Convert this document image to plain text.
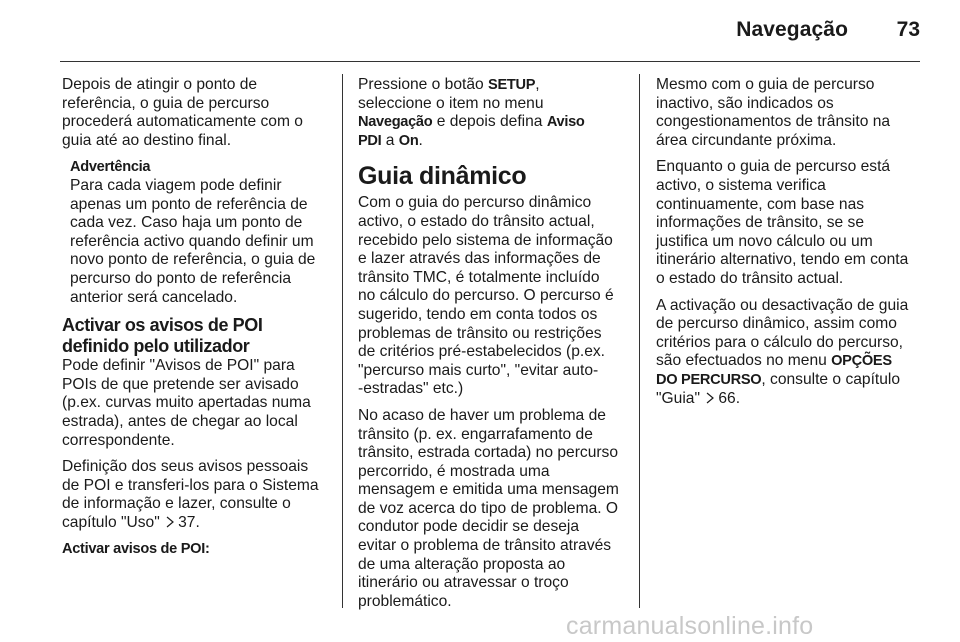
Navegação 73
Depois de atingir o ponto de
referência, o guia de percurso
procederá automaticamente com o
guia até ao destino final.
Advertência
Para cada viagem pode definir
apenas um ponto de referência de
cada vez. Caso haja um ponto de
referência activo quando definir um
novo ponto de referência, o guia de
percurso do ponto de referência
anterior será cancelado.
Activar os avisos de POI
definido pelo utilizador
Pode definir "Avisos de POI" para
POIs de que pretende ser avisado
(p.ex. curvas muito apertadas numa
estrada), antes de chegar ao local
correspondente.
Definição dos seus avisos pessoais
de POI e transferi-los para o Sistema
de informação e lazer, consulte o
capítulo "Uso" 37.
Activar avisos de POI:
Pressione o botão SETUP,
seleccione o item no menu
Navegação e depois defina Aviso
PDI a On.
Guia dinâmico
Com o guia do percurso dinâmico
activo, o estado do trânsito actual,
recebido pelo sistema de informação
e lazer através das informações de
trânsito TMC, é totalmente incluído
no cálculo do percurso. O percurso é
sugerido, tendo em conta todos os
problemas de trânsito ou restrições
de critérios pré-estabelecidos (p.ex.
"percurso mais curto", "evitar auto-
-estradas" etc.)
No acaso de haver um problema de
trânsito (p. ex. engarrafamento de
trânsito, estrada cortada) no percurso
percorrido, é mostrada uma
mensagem e emitida uma mensagem
de voz acerca do tipo de problema. O
condutor pode decidir se deseja
evitar o problema de trânsito através
de uma alteração proposta ao
itinerário ou atravessar o troço
problemático.
Mesmo com o guia de percurso
inactivo, são indicados os
congestionamentos de trânsito na
área circundante próxima.
Enquanto o guia de percurso está
activo, o sistema verifica
continuamente, com base nas
informações de trânsito, se se
justifica um novo cálculo ou um
itinerário alternativo, tendo em conta
o estado do trânsito actual.
A activação ou desactivação de guia
de percurso dinâmico, assim como
critérios para o cálculo do percurso,
são efectuados no menu OPÇÕES
DO PERCURSO, consulte o capítulo
"Guia" 66.
carmanualsonline.info
